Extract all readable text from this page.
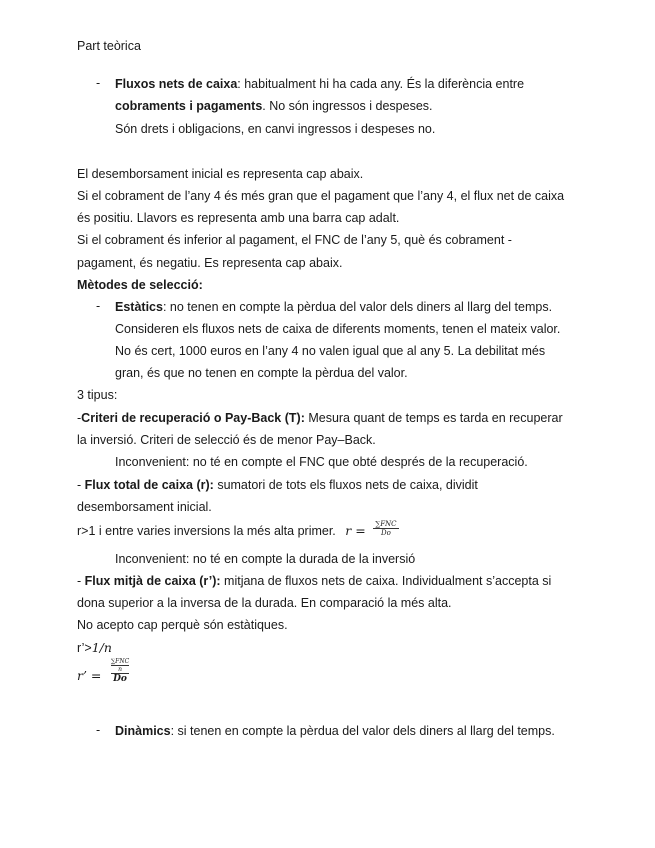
Part teòrica
- Fluxos nets de caixa: habitualment hi ha cada any. És la diferència entre
cobraments i pagaments. No són ingressos i despeses.
Són drets i obligacions, en canvi ingressos i despeses no.
El desemborsament inicial es representa cap abaix.
Si el cobrament de l’any 4 és més gran que el pagament que l’any 4, el flux net de caixa
és positiu. Llavors es representa amb una barra cap adalt.
Si el cobrament és inferior al pagament, el FNC de l’any 5, què és cobrament -
pagament, és negatiu. Es representa cap abaix.
Mètodes de selecció:
- Estàtics: no tenen en compte la pèrdua del valor dels diners al llarg del temps.
Consideren els fluxos nets de caixa de diferents moments, tenen el mateix valor.
No és cert, 1000 euros en l’any 4 no valen igual que al any 5. La debilitat més
gran, és que no tenen en compte la pèrdua del valor.
3 tipus:
-Criteri de recuperació o Pay-Back (T): Mesura quant de temps es tarda en recuperar
la inversió. Criteri de selecció és de menor Pay–Back.
Inconvenient: no té en compte el FNC que obté després de la recuperació.
- Flux total de caixa (r): sumatori de tots els fluxos nets de caixa, dividit
desemborsament inicial.
r>1 i entre varies inversions la més alta primer. $r = \frac{\text{∑FNC}}{Do}$
Inconvenient: no té en compte la durada de la inversió
- Flux mitjà de caixa (r’): mitjana de fluxos nets de caixa. Individualment s’accepta si
dona superior a la inversa de la durada. En comparació la més alta.
No acepto cap perquè són estàtiques.
r’>1/n
r’ =
∑FNC
n
Do
- Dinàmics: si tenen en compte la pèrdua del valor dels diners al llarg del temps.
